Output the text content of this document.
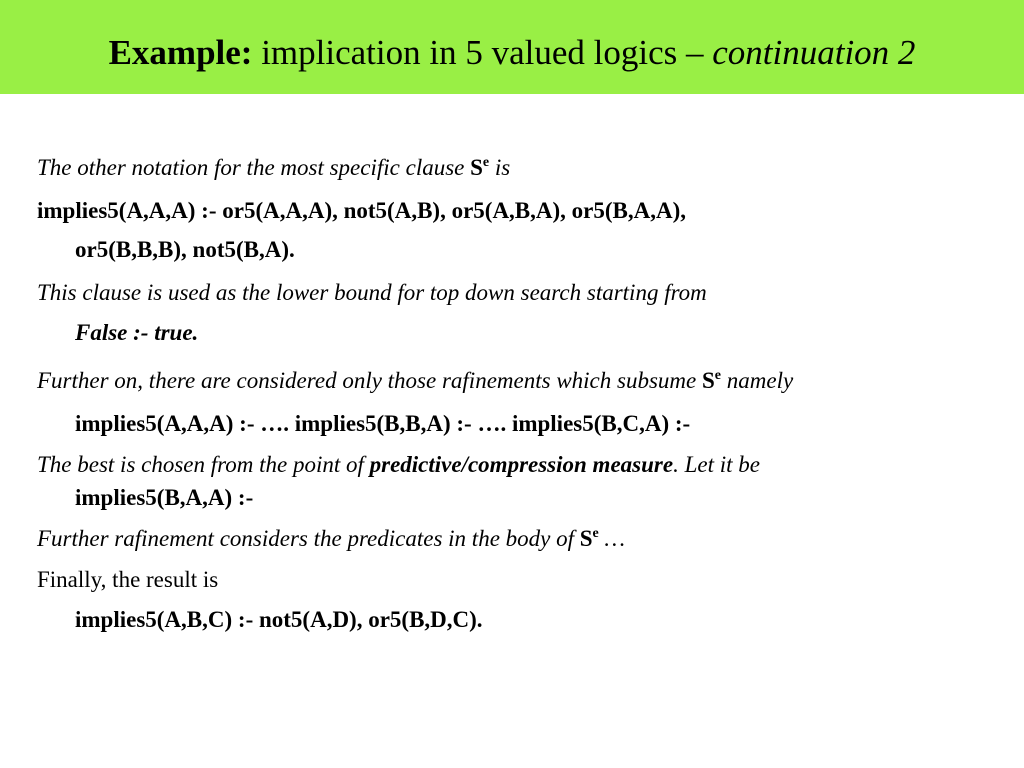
Example: implication in 5 valued logics – continuation 2
The other notation for the most specific clause $S^e$ is
implies5(A,A,A) :- or5(A,A,A), not5(A,B), or5(A,B,A), or5(B,A,A),
or5(B,B,B), not5(B,A).
This clause is used as the lower bound for top down search starting from
False :- true.
Further on, there are considered only those rafinements which subsume $S^e$ namely
implies5(A,A,A) :- …. implies5(B,B,A) :- …. implies5(B,C,A) :-
The best is chosen from the point of predictive/compression measure. Let it be
implies5(B,A,A) :-
Further rafinement considers the predicates in the body of $S^e$ …
Finally, the result is
implies5(A,B,C) :- not5(A,D), or5(B,D,C).
